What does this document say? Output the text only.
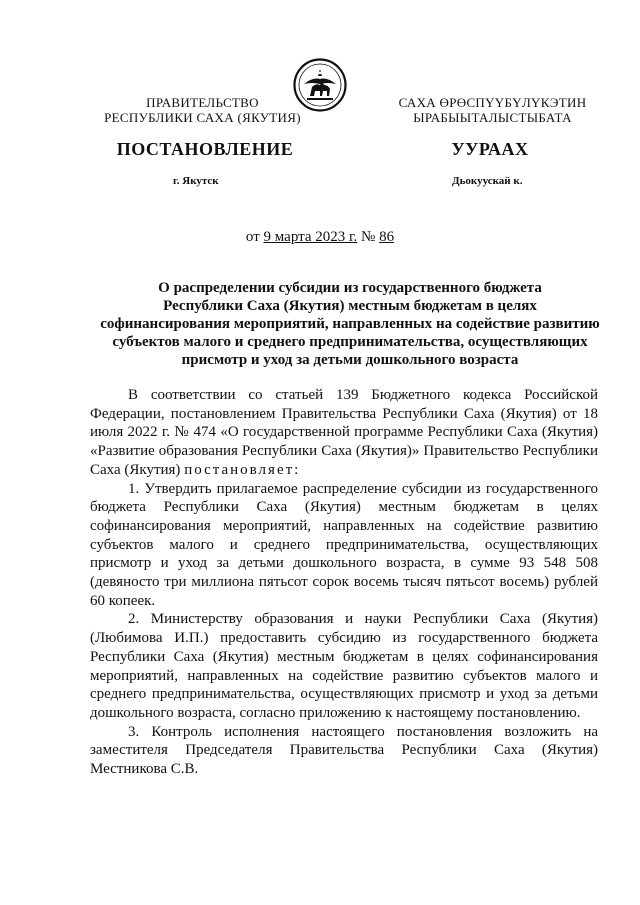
ПРАВИТЕЛЬСТВО
РЕСПУБЛИКИ САХА (ЯКУТИЯ)
САХА ӨРӨСПҮҮБҮЛҮКЭТИН
ЫРАБЫЫТАЛЫСТЫБАТА
ПОСТАНОВЛЕНИЕ	УУРААХ
г. Якутск	Дьокуускай к.
от 9 марта 2023 г. № 86
О распределении субсидии из государственного бюджета
Республики Саха (Якутия) местным бюджетам в целях
софинансирования мероприятий, направленных на содействие развитию
субъектов малого и среднего предпринимательства, осуществляющих
присмотр и уход за детьми дошкольного возраста

В соответствии со статьей 139 Бюджетного кодекса Российской Федерации, постановлением Правительства Республики Саха (Якутия) от 18 июля 2022 г. № 474 «О государственной программе Республики Саха (Якутия) «Развитие образования Республики Саха (Якутия)» Правительство Республики Саха (Якутия) постановляет:

1. Утвердить прилагаемое распределение субсидии из государственного бюджета Республики Саха (Якутия) местным бюджетам в целях софинансирования мероприятий, направленных на содействие развитию субъектов малого и среднего предпринимательства, осуществляющих присмотр и уход за детьми дошкольного возраста, в сумме 93 548 508 (девяносто три миллиона пятьсот сорок восемь тысяч пятьсот восемь) рублей 60 копеек.

2. Министерству образования и науки Республики Саха (Якутия) (Любимова И.П.) предоставить субсидию из государственного бюджета Республики Саха (Якутия) местным бюджетам в целях софинансирования мероприятий, направленных на содействие развитию субъектов малого и среднего предпринимательства, осуществляющих присмотр и уход за детьми дошкольного возраста, согласно приложению к настоящему постановлению.

3. Контроль исполнения настоящего постановления возложить на заместителя Председателя Правительства Республики Саха (Якутия) Местникова С.В.
